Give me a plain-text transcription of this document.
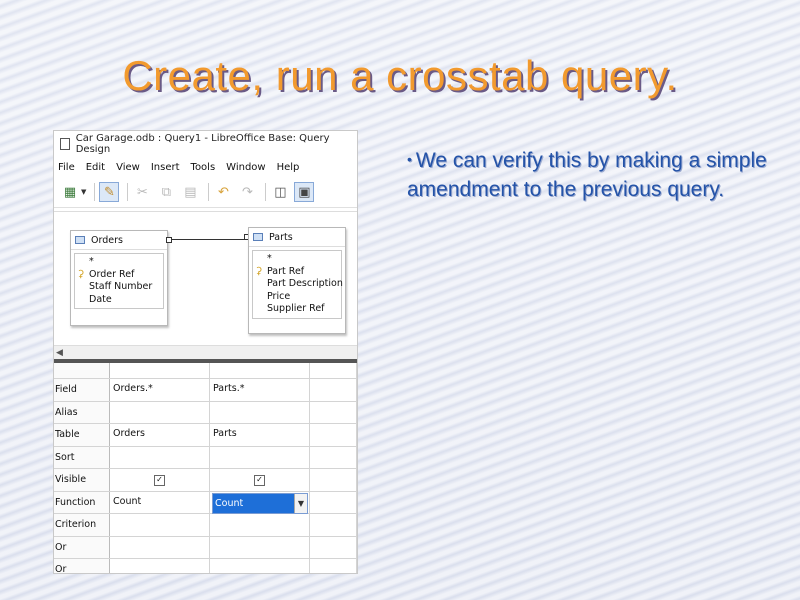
Create, run a crosstab query.
• We can verify this by making a simple amendment to the previous query.
Car Garage.odb : Query1 - LibreOffice Base: Query Design
File Edit View Insert Tools Window Help
▦ ▼	✎	✂	⧉	▤	↶	↷	◫ ▣
Orders
*
⚳ Order Ref
Staff Number
Date
Parts
*
⚳ Part Ref
Part Description
Price
Supplier Ref
◀
Field	Orders.*	Parts.*
Alias
Table	Orders	Parts
Sort
Visible	✓	✓
Function	Count	Count	▼
Criterion
Or
Or
